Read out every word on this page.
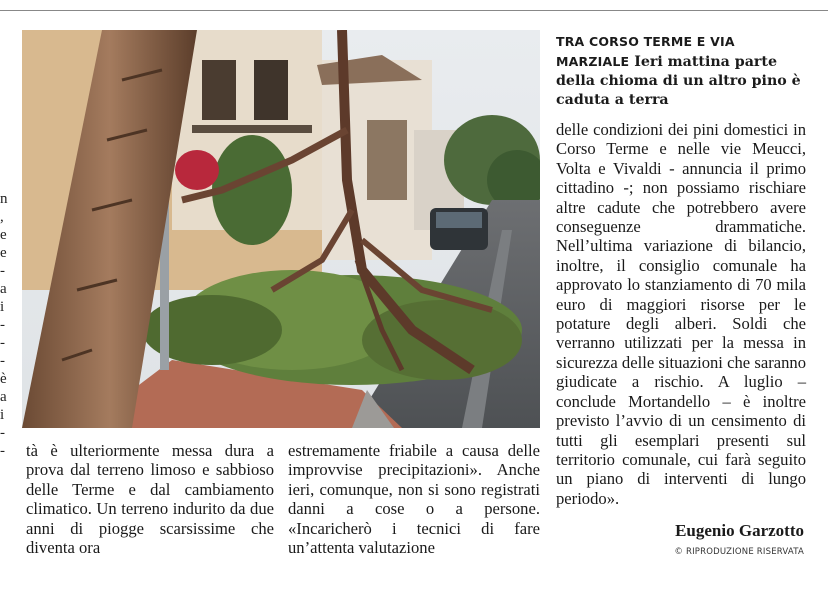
n
,
e
e
-
a
i
-
-
-
è
a
i
-
-
TRA CORSO TERME E VIA MARZIALE Ieri mattina parte della chioma di un altro pino è caduta a terra

tà è ulteriormente messa dura a prova dal terreno limoso e sabbioso delle Terme e dal cambiamento climatico. Un terreno indurito da due anni di piogge scarsissime che diventa ora

estremamente friabile a causa delle improvvise precipitazioni». Anche ieri, comunque, non si sono registrati danni a cose o a persone. «Incaricherò i tecnici di fare un’attenta valutazione

delle condizioni dei pini domestici in Corso Terme e nelle vie Meucci, Volta e Vivaldi - annuncia il primo cittadino -; non possiamo rischiare altre cadute che potrebbero avere conseguenze drammatiche. Nell’ultima variazione di bilancio, inoltre, il consiglio comunale ha approvato lo stanziamento di 70 mila euro di maggiori risorse per le potature degli alberi. Soldi che verranno utilizzati per la messa in sicurezza delle situazioni che saranno giudicate a rischio. A luglio – conclude Mortandello – è inoltre previsto l’avvio di un censimento di tutti gli esemplari presenti sul territorio comunale, cui farà seguito un piano di interventi di lungo periodo».

Eugenio Garzotto
© RIPRODUZIONE RISERVATA
